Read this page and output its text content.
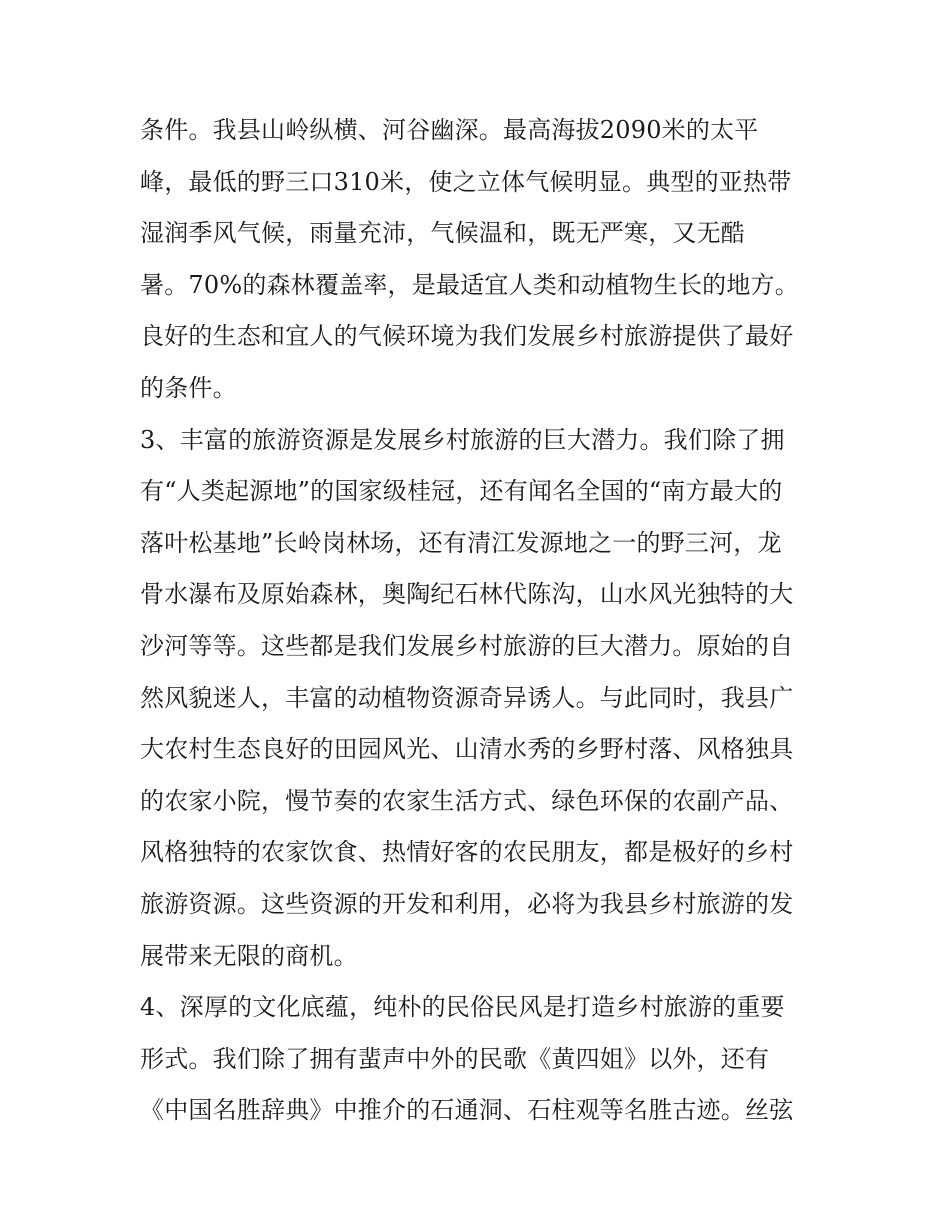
条件。我县山岭纵横、河谷幽深。最高海拔2090米的太平
峰，最低的野三口310米，使之立体气候明显。典型的亚热带
湿润季风气候，雨量充沛，气候温和，既无严寒，又无酷
暑。70%的森林覆盖率，是最适宜人类和动植物生长的地方。
良好的生态和宜人的气候环境为我们发展乡村旅游提供了最好
的条件。
3、丰富的旅游资源是发展乡村旅游的巨大潜力。我们除了拥
有“人类起源地”的国家级桂冠，还有闻名全国的“南方最大的
落叶松基地”长岭岗林场，还有清江发源地之一的野三河，龙
骨水瀑布及原始森林，奥陶纪石林代陈沟，山水风光独特的大
沙河等等。这些都是我们发展乡村旅游的巨大潜力。原始的自
然风貌迷人，丰富的动植物资源奇异诱人。与此同时，我县广
大农村生态良好的田园风光、山清水秀的乡野村落、风格独具
的农家小院，慢节奏的农家生活方式、绿色环保的农副产品、
风格独特的农家饮食、热情好客的农民朋友，都是极好的乡村
旅游资源。这些资源的开发和利用，必将为我县乡村旅游的发
展带来无限的商机。
4、深厚的文化底蕴，纯朴的民俗民风是打造乡村旅游的重要
形式。我们除了拥有蜚声中外的民歌《黄四姐》以外，还有
《中国名胜辞典》中推介的石通洞、石柱观等名胜古迹。丝弦
